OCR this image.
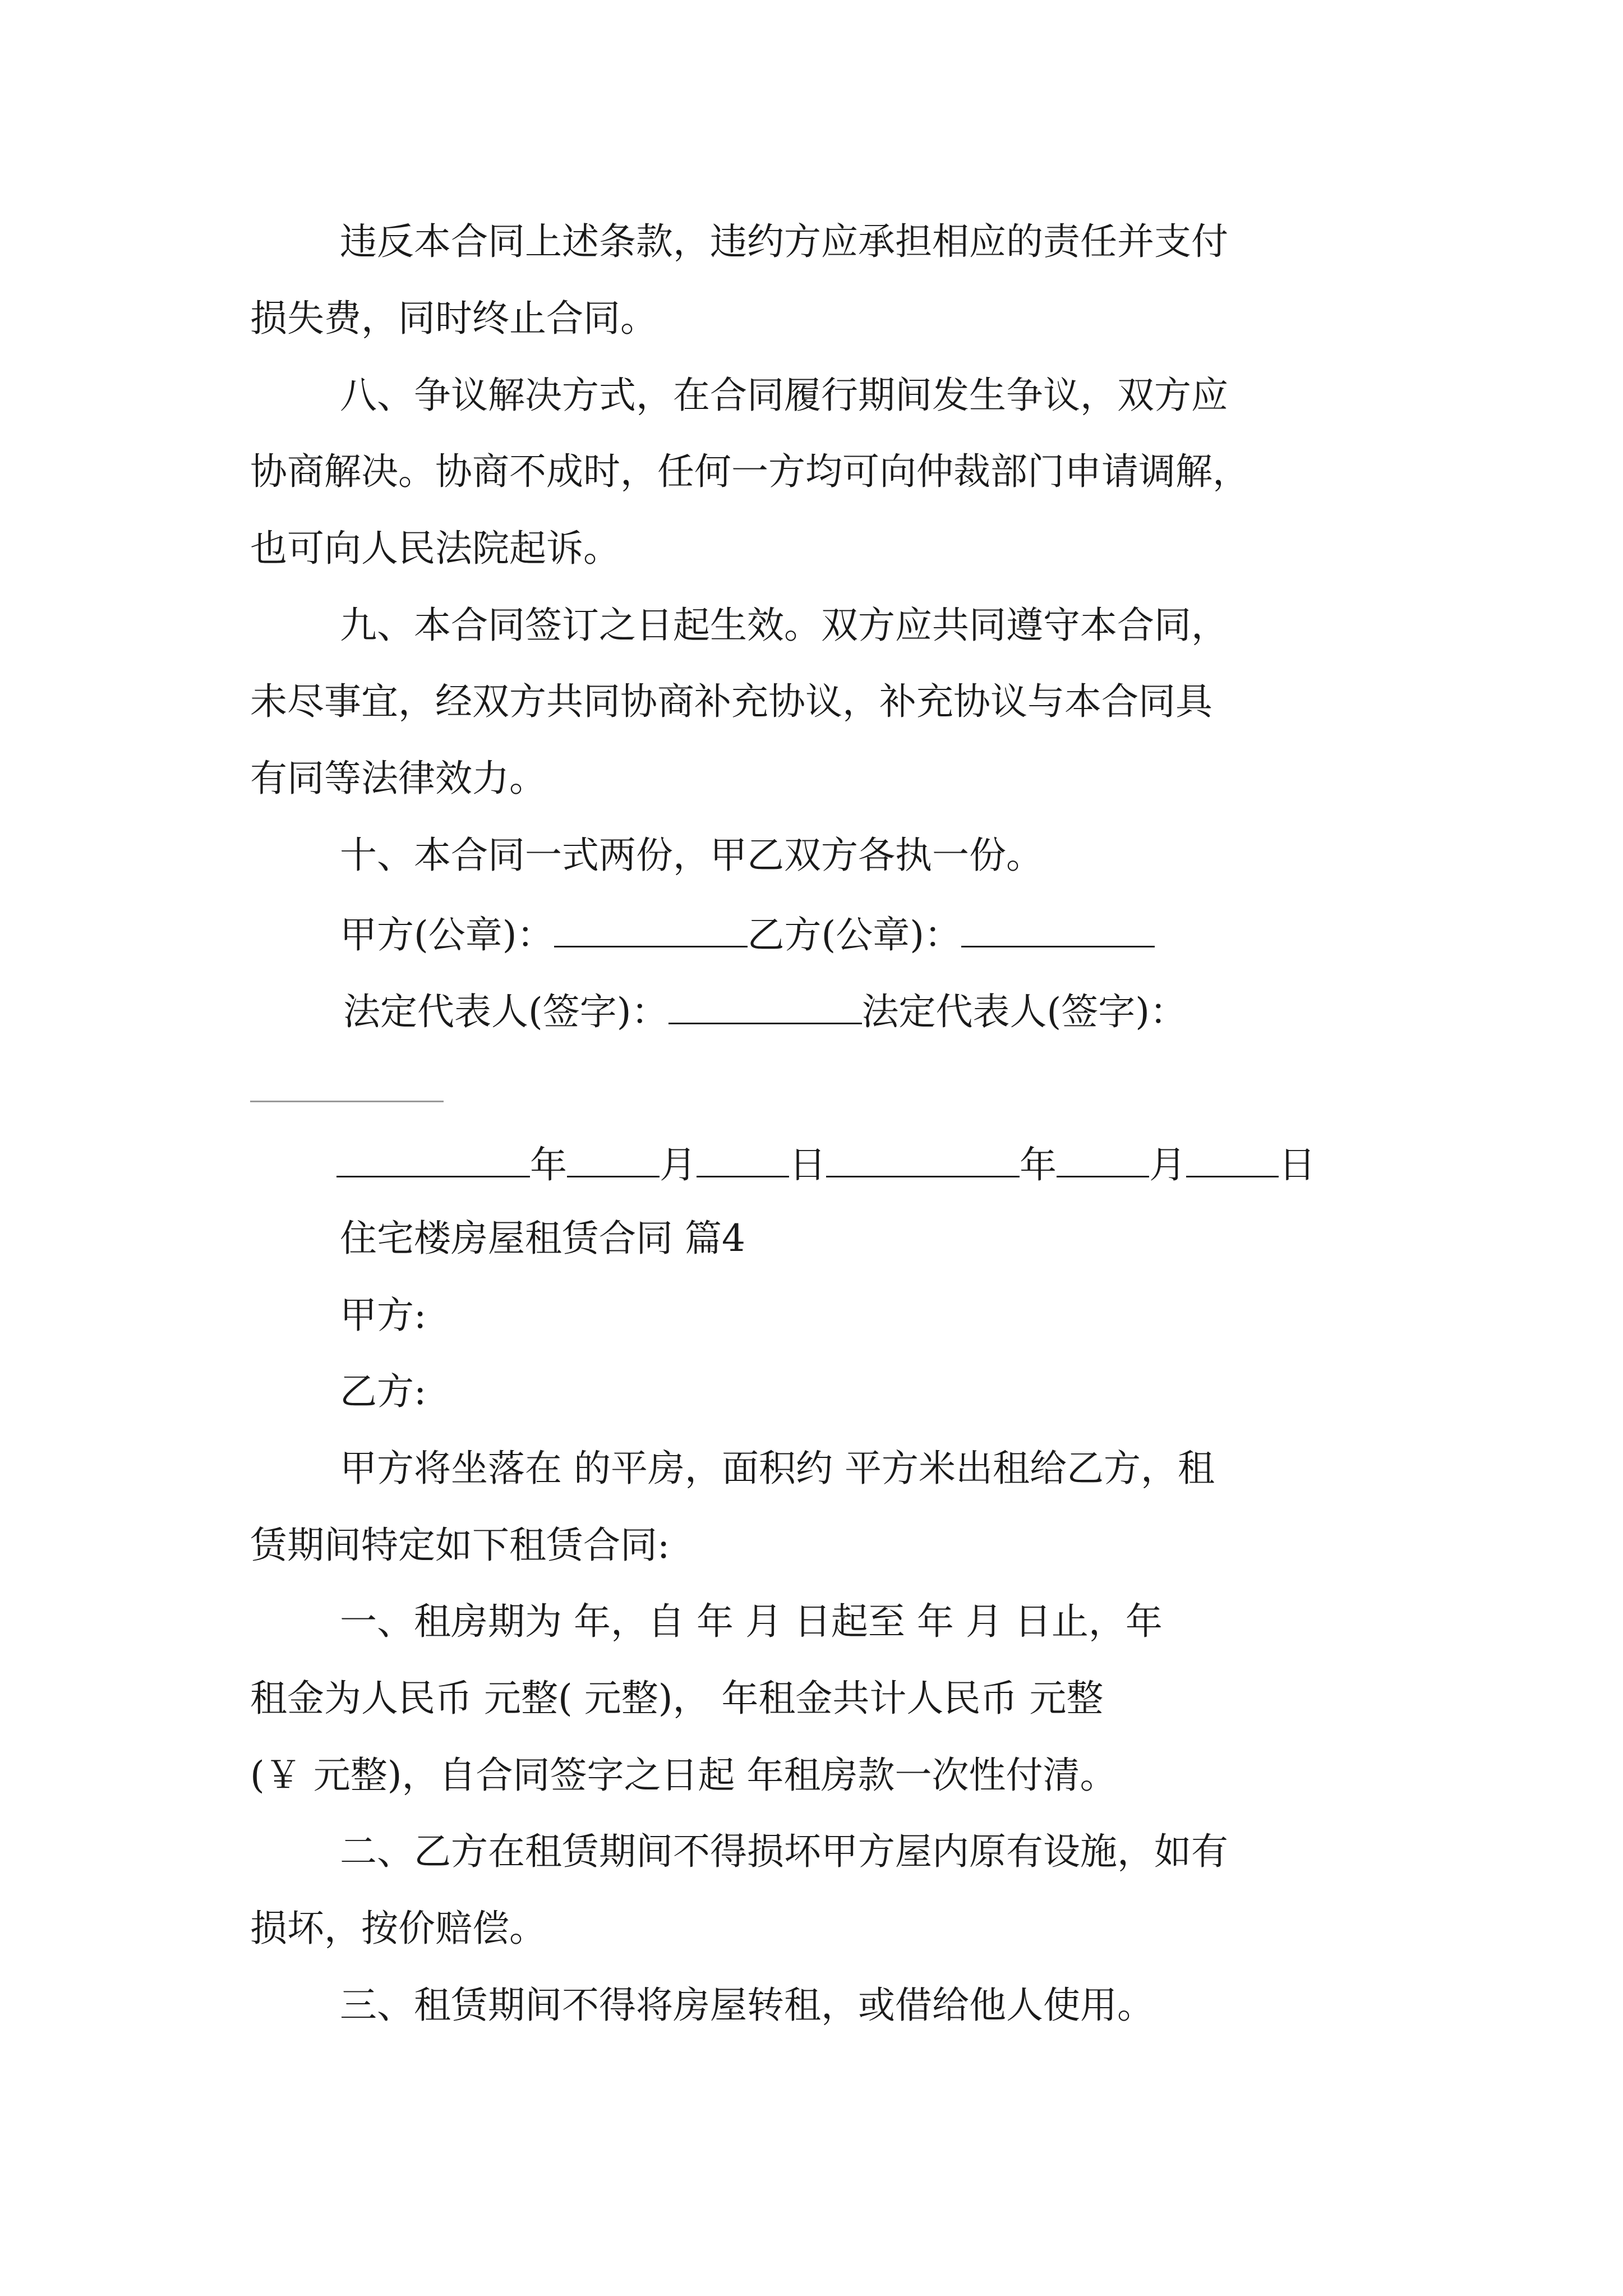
违反本合同上述条款，违约方应承担相应的责任并支付
损失费，同时终止合同。
八、争议解决方式，在合同履行期间发生争议，双方应
协商解决。协商不成时，任何一方均可向仲裁部门申请调解，
也可向人民法院起诉。
九、本合同签订之日起生效。双方应共同遵守本合同，
未尽事宜，经双方共同协商补充协议，补充协议与本合同具
有同等法律效力。
十、本合同一式两份，甲乙双方各执一份。
甲方(公章)：	乙方(公章)：
法定代表人(签字)：	法定代表人(签字)：
年	月	日	年	月	日
住宅楼房屋租赁合同 篇4
甲方:
乙方:
甲方将坐落在 的平房，面积约 平方米出租给乙方，租
赁期间特定如下租赁合同:
一、租房期为 年，自 年 月 日起至 年 月 日止，年
租金为人民币 元整( 元整)， 年租金共计人民币 元整
(￥ 元整)，自合同签字之日起 年租房款一次性付清。
二、乙方在租赁期间不得损坏甲方屋内原有设施，如有
损坏，按价赔偿。
三、租赁期间不得将房屋转租，或借给他人使用。
